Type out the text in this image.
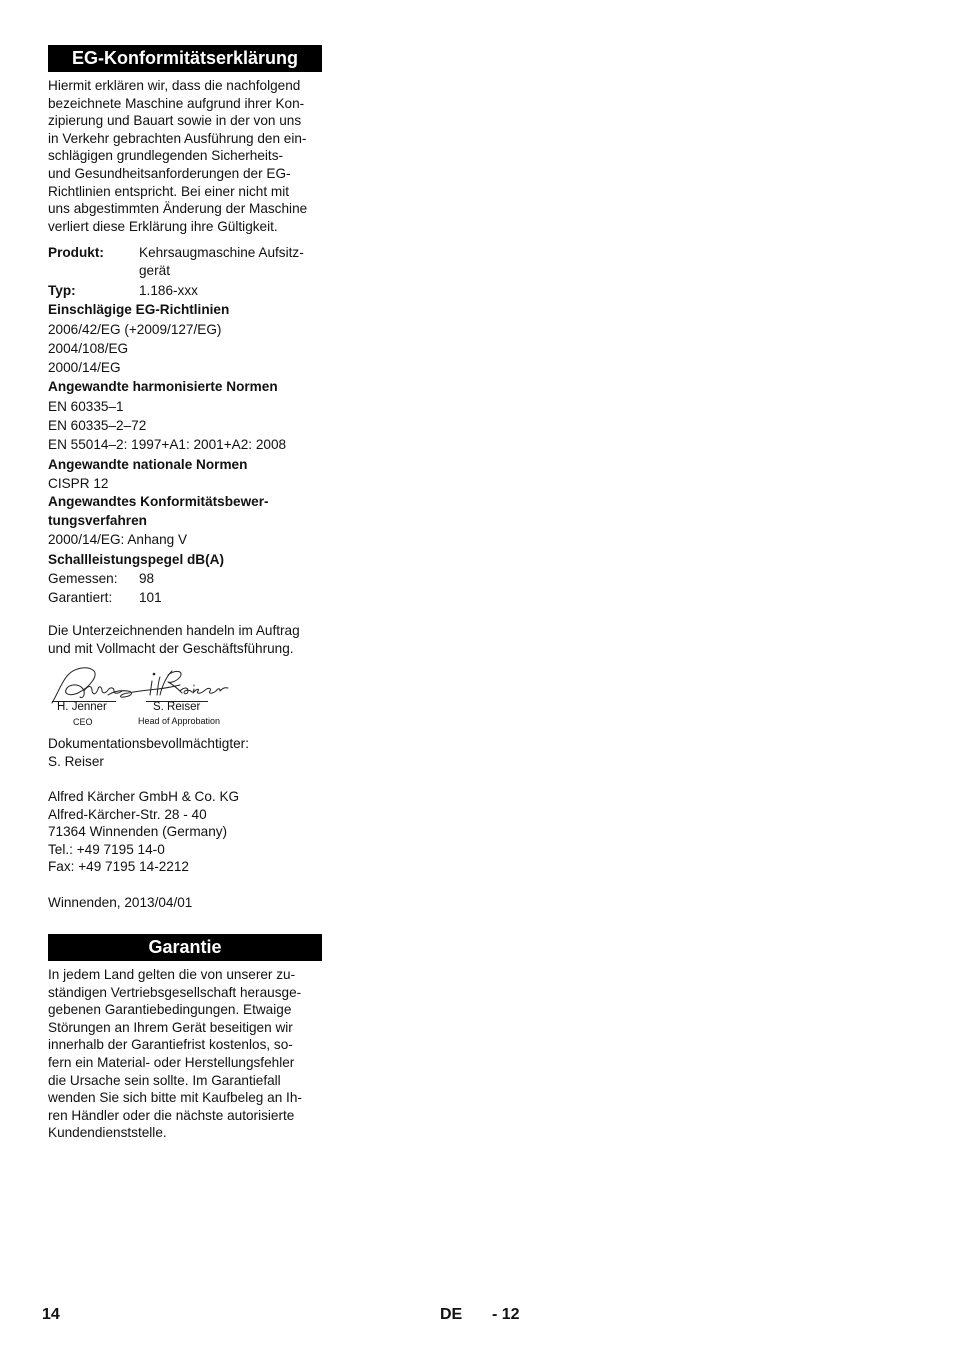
EG-Konformitätserklärung

Hiermit erklären wir, dass die nachfolgend

bezeichnete Maschine aufgrund ihrer Kon-

zipierung und Bauart sowie in der von uns

in Verkehr gebrachten Ausführung den ein-

schlägigen grundlegenden Sicherheits-

und Gesundheitsanforderungen der EG-

Richtlinien entspricht. Bei einer nicht mit

uns abgestimmten Änderung der Maschine

verliert diese Erklärung ihre Gültigkeit.

Produkt:	Kehrsaugmaschine Aufsitz-
gerät
Typ:	1.186-xxx
Einschlägige EG-Richtlinien
2006/42/EG (+2009/127/EG)
2004/108/EG
2000/14/EG
Angewandte harmonisierte Normen
EN 60335–1
EN 60335–2–72
EN 55014–2: 1997+A1: 2001+A2: 2008
Angewandte nationale Normen
CISPR 12
Angewandtes Konformitätsbewer-
tungsverfahren
2000/14/EG: Anhang V
Schallleistungspegel dB(A)
Gemessen: 98
Garantiert: 101

Die Unterzeichnenden handeln im Auftrag

und mit Vollmacht der Geschäftsführung.

H. Jenner
CEO
S. Reiser
Head of Approbation

Dokumentationsbevollmächtigter:

S. Reiser

Alfred Kärcher GmbH & Co. KG

Alfred-Kärcher-Str. 28 - 40

71364 Winnenden (Germany)

Tel.: +49 7195 14-0

Fax: +49 7195 14-2212

Winnenden, 2013/04/01

Garantie

In jedem Land gelten die von unserer zu-

ständigen Vertriebsgesellschaft herausge-

gebenen Garantiebedingungen. Etwaige

Störungen an Ihrem Gerät beseitigen wir

innerhalb der Garantiefrist kostenlos, so-

fern ein Material- oder Herstellungsfehler

die Ursache sein sollte. Im Garantiefall

wenden Sie sich bitte mit Kaufbeleg an Ih-

ren Händler oder die nächste autorisierte

Kundendienststelle.

14	DE - 12
